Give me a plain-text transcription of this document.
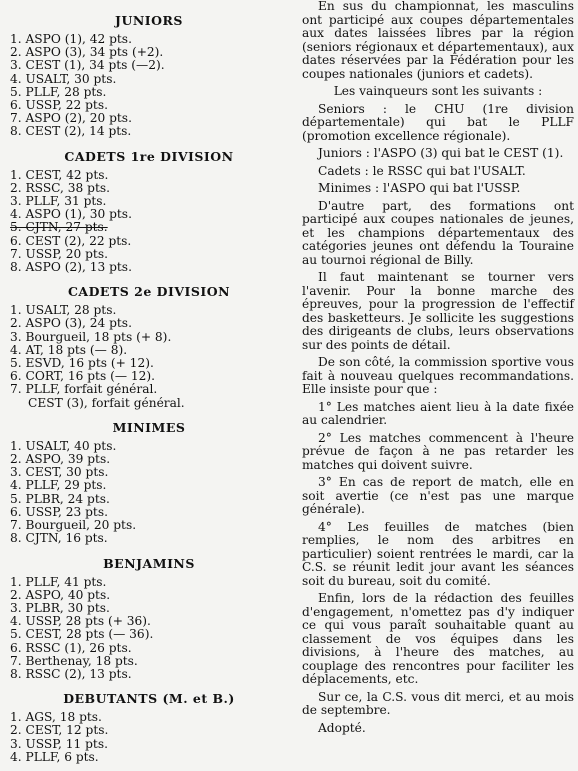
JUNIORS
1. ASPO (1), 42 pts.
2. ASPO (3), 34 pts (+2).
3. CEST (1), 34 pts (—2).
4. USALT, 30 pts.
5. PLLF, 28 pts.
6. USSP, 22 pts.
7. ASPO (2), 20 pts.
8. CEST (2), 14 pts.
CADETS 1re DIVISION
1. CEST, 42 pts.
2. RSSC, 38 pts.
3. PLLF, 31 pts.
4. ASPO (1), 30 pts.
5. CJTN, 27 pts.
6. CEST (2), 22 pts.
7. USSP, 20 pts.
8. ASPO (2), 13 pts.
CADETS 2e DIVISION
1. USALT, 28 pts.
2. ASPO (3), 24 pts.
3. Bourgueil, 18 pts (+ 8).
4. AT, 18 pts (— 8).
5. ESVD, 16 pts (+ 12).
6. CORT, 16 pts (— 12).
7. PLLF, forfait général.
CEST (3), forfait général.
MINIMES
1. USALT, 40 pts.
2. ASPO, 39 pts.
3. CEST, 30 pts.
4. PLLF, 29 pts.
5. PLBR, 24 pts.
6. USSP, 23 pts.
7. Bourgueil, 20 pts.
8. CJTN, 16 pts.
BENJAMINS
1. PLLF, 41 pts.
2. ASPO, 40 pts.
3. PLBR, 30 pts.
4. USSP, 28 pts (+ 36).
5. CEST, 28 pts (— 36).
6. RSSC (1), 26 pts.
7. Berthenay, 18 pts.
8. RSSC (2), 13 pts.
DEBUTANTS (M. et B.)
1. AGS, 18 pts.
2. CEST, 12 pts.
3. USSP, 11 pts.
4. PLLF, 6 pts.

En sus du championnat, les masculins ont participé aux coupes départementales aux dates laissées libres par la région (seniors régionaux et départementaux), aux dates réservées par la Fédération pour les coupes nationales (juniors et cadets).

Les vainqueurs sont les suivants :

Seniors : le CHU (1re division départementale) qui bat le PLLF (promotion excellence régionale).

Juniors : l'ASPO (3) qui bat le CEST (1).

Cadets : le RSSC qui bat l'USALT.

Minimes : l'ASPO qui bat l'USSP.

D'autre part, des formations ont participé aux coupes nationales de jeunes, et les champions départementaux des catégories jeunes ont défendu la Touraine au tournoi régional de Billy.

Il faut maintenant se tourner vers l'avenir. Pour la bonne marche des épreuves, pour la progression de l'effectif des basketteurs. Je sollicite les suggestions des dirigeants de clubs, leurs observations sur des points de détail.

De son côté, la commission sportive vous fait à nouveau quelques recommandations. Elle insiste pour que :

1° Les matches aient lieu à la date fixée au calendrier.

2° Les matches commencent à l'heure prévue de façon à ne pas retarder les matches qui doivent suivre.

3° En cas de report de match, elle en soit avertie (ce n'est pas une marque générale).

4° Les feuilles de matches (bien remplies, le nom des arbitres en particulier) soient rentrées le mardi, car la C.S. se réunit ledit jour avant les séances soit du bureau, soit du comité.

Enfin, lors de la rédaction des feuilles d'engagement, n'omettez pas d'y indiquer ce qui vous paraît souhaitable quant au classement de vos équipes dans les divisions, à l'heure des matches, au couplage des rencontres pour faciliter les déplacements, etc.

Sur ce, la C.S. vous dit merci, et au mois de septembre.

Adopté.
